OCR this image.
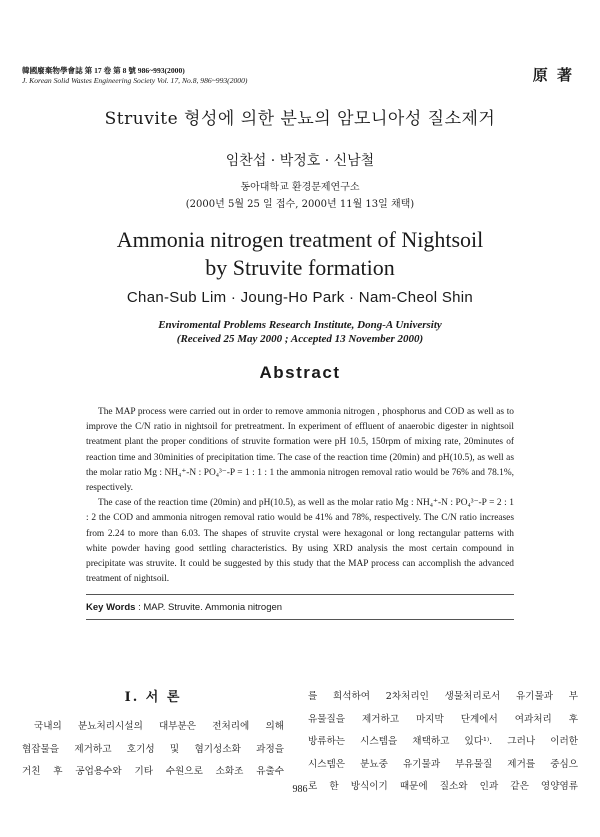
韓國廢棄物學會誌 第 17 卷 第 8 號 986~993(2000)
J. Korean Solid Wastes Engineering Society Vol. 17, No.8, 986~993(2000)	原 著
Struvite 형성에 의한 분뇨의 암모니아성 질소제거
임찬섭 · 박정호 · 신남철
동아대학교 환경문제연구소
(2000년 5월 25 일 접수, 2000년 11월 13일 채택)
Ammonia nitrogen treatment of Nightsoil
by Struvite formation
Chan-Sub Lim · Joung-Ho Park · Nam-Cheol Shin
Enviromental Problems Research Institute, Dong-A University
(Received 25 May 2000 ; Accepted 13 November 2000)
Abstract

The MAP process were carried out in order to remove ammonia nitrogen , phosphorus and COD as well as to improve the C/N ratio in nightsoil for pretreatment. In experiment of effluent of anaerobic digester in nightsoil treatment plant the proper conditions of struvite formation were pH 10.5, 150rpm of mixing rate, 20minutes of reaction time and 30minities of precipitation time. The case of the reaction time (20min) and pH(10.5), as well as the molar ratio Mg : NH₄⁺-N : PO₄³⁻-P = 1 : 1 : 1 the ammonia nitrogen removal ratio would be 76% and 78.1%, respectively.

The case of the reaction time (20min) and pH(10.5), as well as the molar ratio Mg : NH₄⁺-N : PO₄³⁻-P = 2 : 1 : 2 the COD and ammonia nitrogen removal ratio would be 41% and 78%, respectively. The C/N ratio increases from 2.24 to more than 6.03. The shapes of struvite crystal were hexagonal or long rectangular patterns with white powder having good settling characteristics. By using XRD analysis the most certain compound in precipitate was struvite. It could be suggested by this study that the MAP process can accomplish the advanced treatment of nightsoil.

Key Words : MAP. Struvite. Ammonia nitrogen
I. 서 론
국내의 분뇨처리시설의 대부분은 전처리에 의해
협잡물을 제거하고 호기성 및 혐기성소화 과정을
거친 후 공업용수와 기타 수원으로 소화조 유출수
를 희석하여 2차처리인 생물처리로서 유기물과 부
유물질을 제거하고 마지막 단계에서 여과처리 후
방류하는 시스템을 채택하고 있다¹⁾. 그러나 이러한
시스템은 분뇨중 유기물과 부유물질 제거를 중심으
로 한 방식이기 때문에 질소와 인과 같은 영양염류
986
